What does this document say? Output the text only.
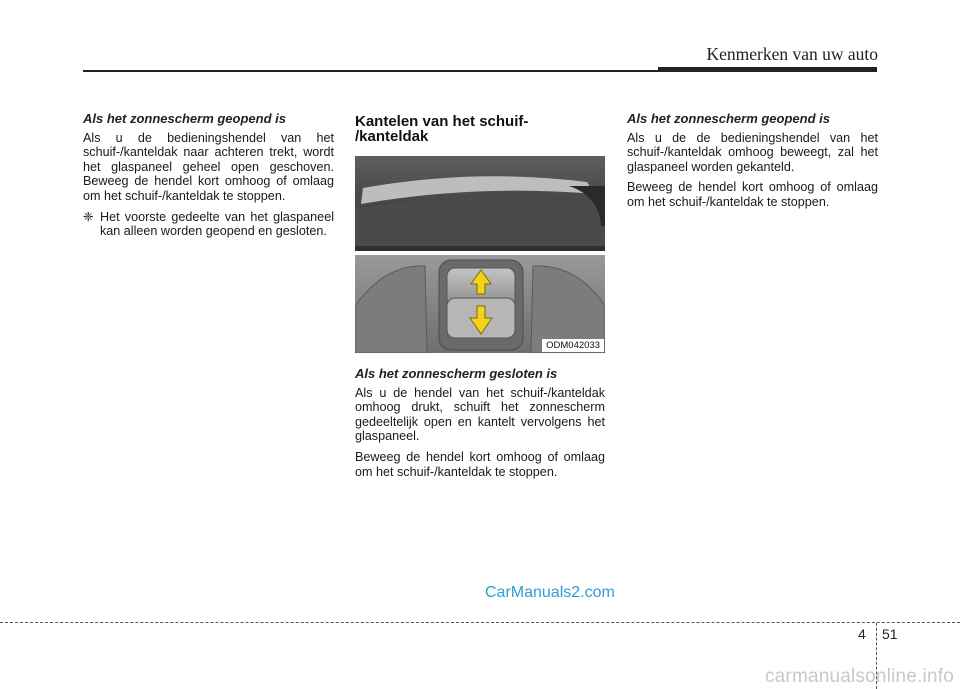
Kenmerken van uw auto
Als het zonnescherm geopend is

Als u de bedieningshendel van het schuif-/kanteldak naar achteren trekt, wordt het glaspaneel geheel open geschoven. Beweeg de hendel kort omhoog of omlaag om het schuif-/kanteldak te stoppen.

❈ Het voorste gedeelte van het glaspaneel kan alleen worden geopend en gesloten.
Kantelen van het schuif-
/kanteldak
ODM042033
Als het zonnescherm gesloten is

Als u de hendel van het schuif-/kanteldak omhoog drukt, schuift het zonnescherm gedeeltelijk open en kantelt vervolgens het glaspaneel.

Beweeg de hendel kort omhoog of omlaag om het schuif-/kanteldak te stoppen.

Als het zonnescherm geopend is

Als u de de bedieningshendel van het schuif-/kanteldak omhoog beweegt, zal het glaspaneel worden gekanteld.

Beweeg de hendel kort omhoog of omlaag om het schuif-/kanteldak te stoppen.

CarManuals2.com
4 51
carmanualsonline.info
